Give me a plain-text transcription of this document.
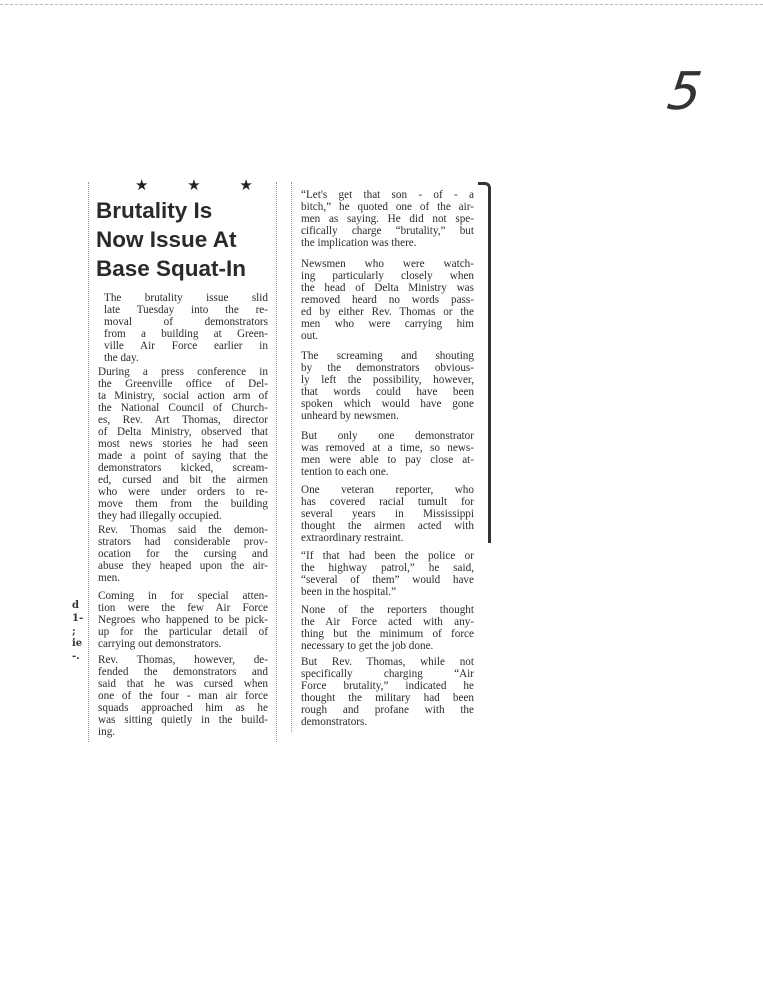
5
★ ★ ★
Brutality Is
Now Issue At
Base Squat-In
d
1-
;
ie
-.
The brutality issue slid
late Tuesday into the re-
moval of demonstrators
from a building at Green-
ville Air Force earlier in
the day.
During a press conference in
the Greenville office of Del-
ta Ministry, social action arm of
the National Council of Church-
es, Rev. Art Thomas, director
of Delta Ministry, observed that
most news stories he had seen
made a point of saying that the
demonstrators kicked, scream-
ed, cursed and bit the airmen
who were under orders to re-
move them from the building
they had illegally occupied.
Rev. Thomas said the demon-
strators had considerable prov-
ocation for the cursing and
abuse they heaped upon the air-
men.
Coming in for special atten-
tion were the few Air Force
Negroes who happened to be pick-
up for the particular detail of
carrying out demonstrators.
Rev. Thomas, however, de-
fended the demonstrators and
said that he was cursed when
one of the four - man air force
squads approached him as he
was sitting quietly in the build-
ing.
“Let's get that son - of - a
bitch,” he quoted one of the air-
men as saying. He did not spe-
cifically charge “brutality,” but
the implication was there.
Newsmen who were watch-
ing particularly closely when
the head of Delta Ministry was
removed heard no words pass-
ed by either Rev. Thomas or the
men who were carrying him
out.
The screaming and shouting
by the demonstrators obvious-
ly left the possibility, however,
that words could have been
spoken which would have gone
unheard by newsmen.
But only one demonstrator
was removed at a time, so news-
men were able to pay close at-
tention to each one.
One veteran reporter, who
has covered racial tumult for
several years in Mississippi
thought the airmen acted with
extraordinary restraint.
“If that had been the police or
the highway patrol,” he said,
“several of them” would have
been in the hospital.”
None of the reporters thought
the Air Force acted with any-
thing but the minimum of force
necessary to get the job done.
But Rev. Thomas, while not
specifically charging “Air
Force brutality,” indicated he
thought the military had been
rough and profane with the
demonstrators.
